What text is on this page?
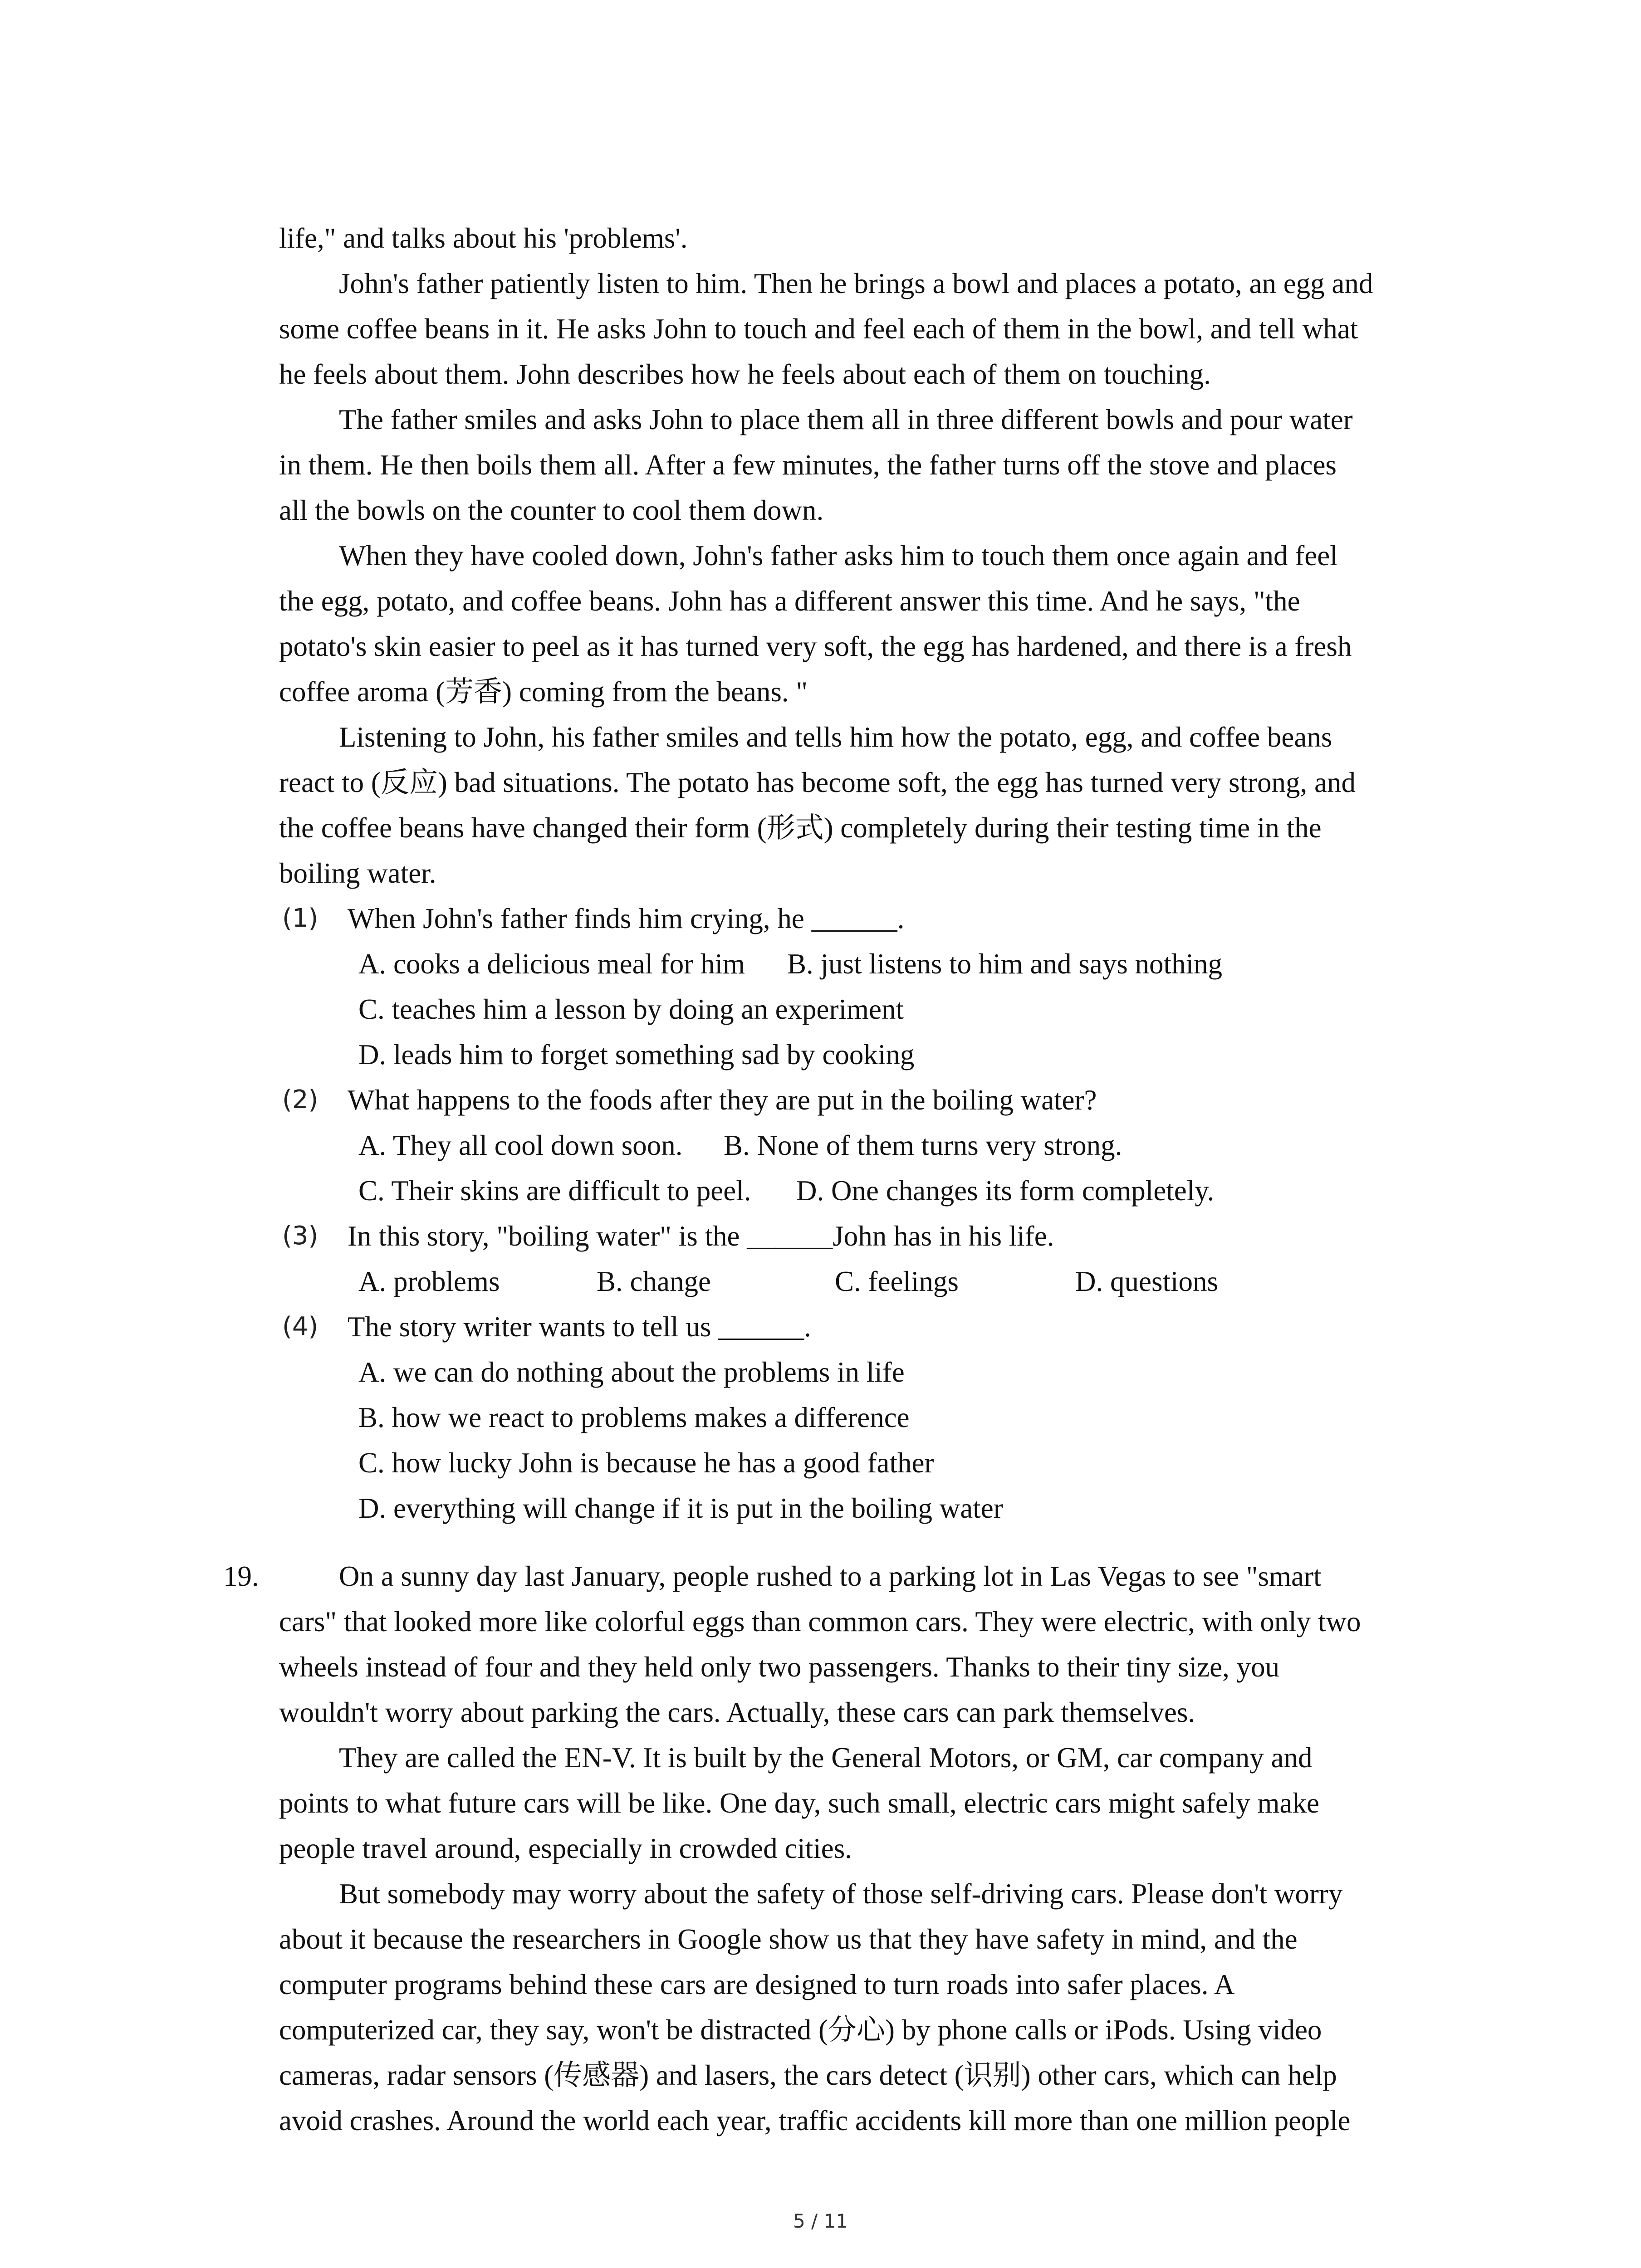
life," and talks about his 'problems'.
John's father patiently listen to him. Then he brings a bowl and places a potato, an egg and
some coffee beans in it. He asks John to touch and feel each of them in the bowl, and tell what
he feels about them. John describes how he feels about each of them on touching.
The father smiles and asks John to place them all in three different bowls and pour water
in them. He then boils them all. After a few minutes, the father turns off the stove and places
all the bowls on the counter to cool them down.
When they have cooled down, John's father asks him to touch them once again and feel
the egg, potato, and coffee beans. John has a different answer this time. And he says, "the
potato's skin easier to peel as it has turned very soft, the egg has hardened, and there is a fresh
coffee aroma (芳香) coming from the beans. "
Listening to John, his father smiles and tells him how the potato, egg, and coffee beans
react to (反应) bad situations. The potato has become soft, the egg has turned very strong, and
the coffee beans have changed their form (形式) completely during their testing time in the
boiling water.
(1) When John's father finds him crying, he ______.
A. cooks a delicious meal for him B. just listens to him and says nothing
C. teaches him a lesson by doing an experiment
D. leads him to forget something sad by cooking
(2) What happens to the foods after they are put in the boiling water?
A. They all cool down soon. B. None of them turns very strong.
C. Their skins are difficult to peel. D. One changes its form completely.
(3) In this story, "boiling water" is the ______John has in his life.
A. problems	B. change	C. feelings	D. questions
(4) The story writer wants to tell us ______.
A. we can do nothing about the problems in life
B. how we react to problems makes a difference
C. how lucky John is because he has a good father
D. everything will change if it is put in the boiling water
19.	On a sunny day last January, people rushed to a parking lot in Las Vegas to see "smart
cars" that looked more like colorful eggs than common cars. They were electric, with only two
wheels instead of four and they held only two passengers. Thanks to their tiny size, you
wouldn't worry about parking the cars. Actually, these cars can park themselves.
They are called the EN-V. It is built by the General Motors, or GM, car company and
points to what future cars will be like. One day, such small, electric cars might safely make
people travel around, especially in crowded cities.
But somebody may worry about the safety of those self-driving cars. Please don't worry
about it because the researchers in Google show us that they have safety in mind, and the
computer programs behind these cars are designed to turn roads into safer places. A
computerized car, they say, won't be distracted (分心) by phone calls or iPods. Using video
cameras, radar sensors (传感器) and lasers, the cars detect (识别) other cars, which can help
avoid crashes. Around the world each year, traffic accidents kill more than one million people
5 / 11
